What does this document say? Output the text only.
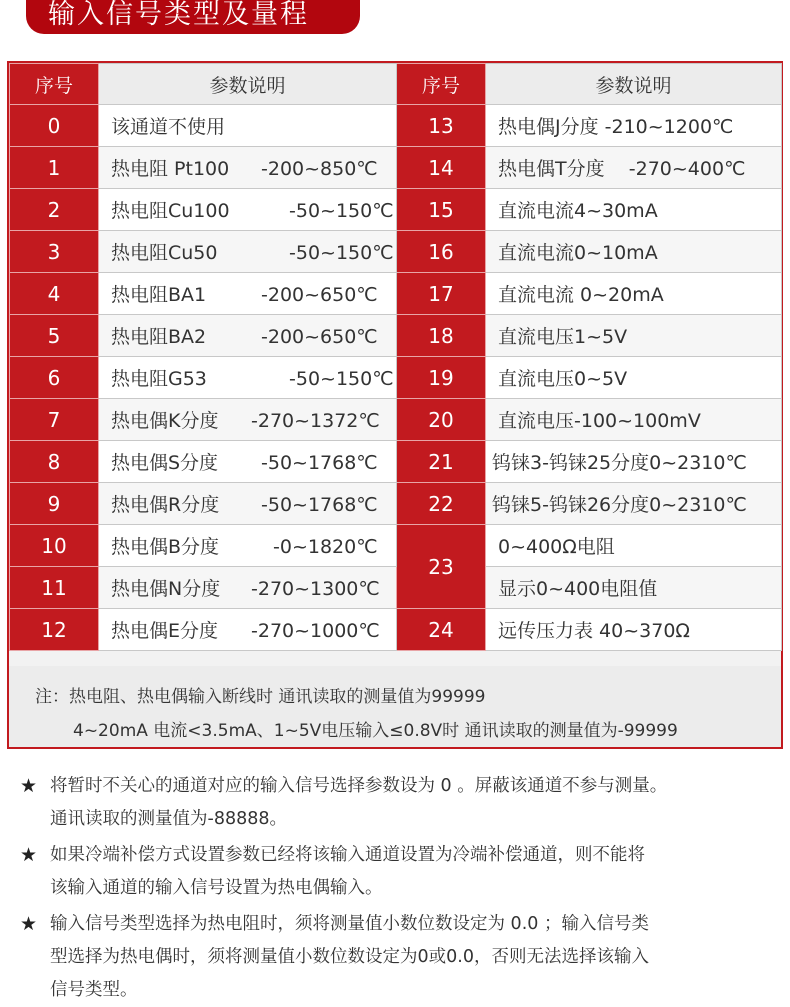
输入信号类型及量程
序号	参数说明	序号	参数说明
0	该通道不使用	13	热电偶J分度 -210~1200℃
1	热电阻 Pt100 -200~850℃	14	热电偶T分度    -270~400℃
2	热电阻Cu100 -50~150℃	15	直流电流4~30mA
3	热电阻Cu50 -50~150℃	16	直流电流0~10mA
4	热电阻BA1 -200~650℃	17	直流电流 0~20mA
5	热电阻BA2 -200~650℃	18	直流电压1~5V
6	热电阻G53 -50~150℃	19	直流电压0~5V
7	热电偶K分度 -270~1372℃	20	直流电压-100~100mV
8	热电偶S分度 -50~1768℃	21	钨铼3-钨铼25分度0~2310℃
9	热电偶R分度 -50~1768℃	22	钨铼5-钨铼26分度0~2310℃
10	热电偶B分度 -0~1820℃	23	0~400Ω电阻
11	热电偶N分度 -270~1300℃		显示0~400电阻值
12	热电偶E分度 -270~1000℃	24	远传压力表 40~370Ω
注：热电阻、热电偶输入断线时 通讯读取的测量值为99999
4~20mA 电流<3.5mA、1~5V电压输入≤0.8V时 通讯读取的测量值为-99999
★ 将暂时不关心的通道对应的输入信号选择参数设为 0 。屏蔽该通道不参与测量。
通讯读取的测量值为-88888。
★ 如果冷端补偿方式设置参数已经将该输入通道设置为冷端补偿通道，则不能将
该输入通道的输入信号设置为热电偶输入。
★ 输入信号类型选择为热电阻时，须将测量值小数位数设定为 0.0 ；输入信号类
型选择为热电偶时，须将测量值小数位数设定为0或0.0，否则无法选择该输入
信号类型。
